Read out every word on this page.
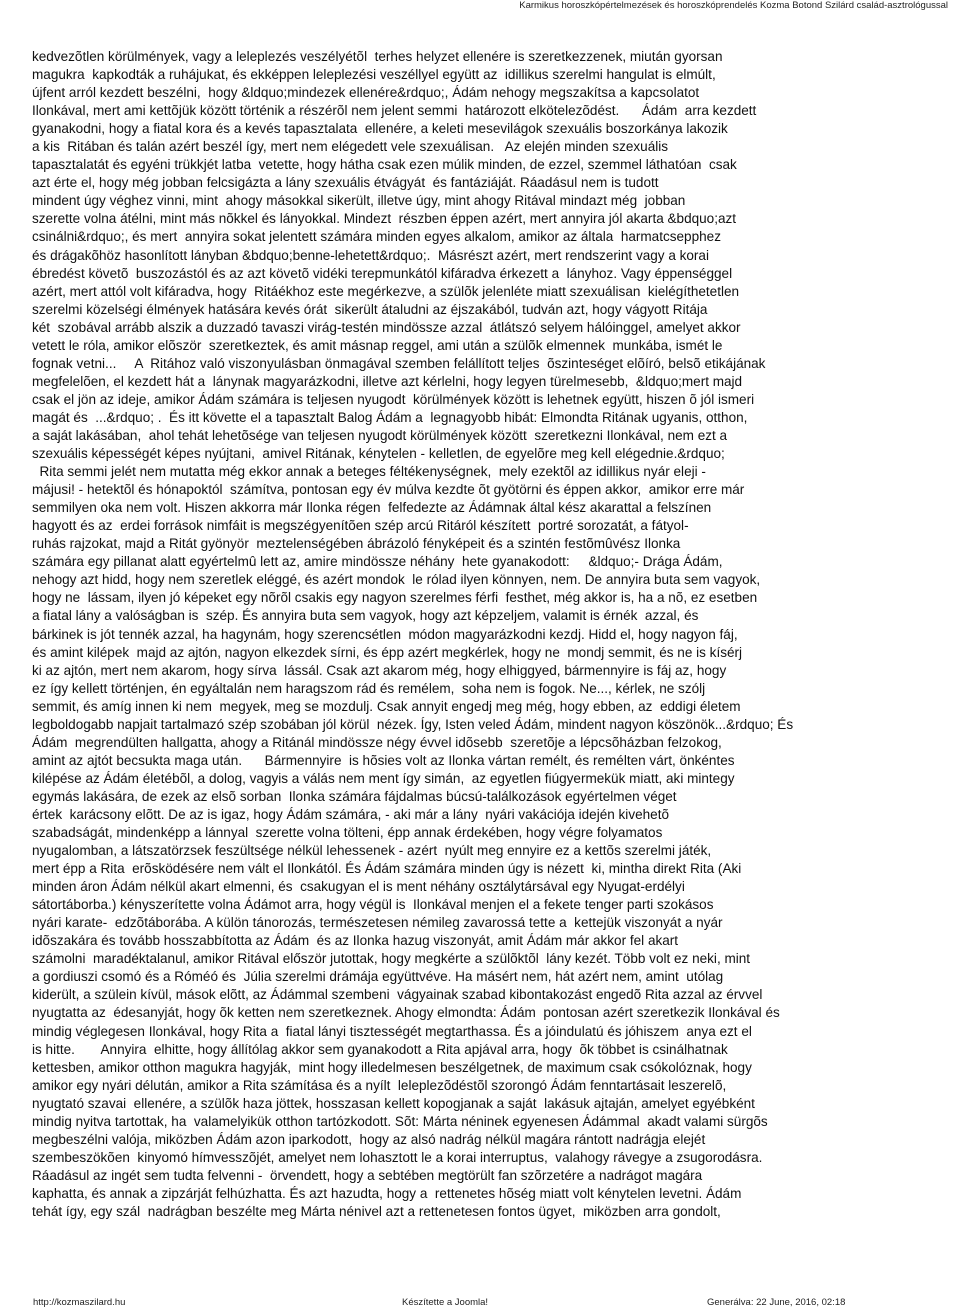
Karmikus horoszkópértelmezések és horoszkóprendelés Kozma Botond Szilárd család-asztrológussal
kedvezõtlen körülmények, vagy a leleplezés veszélyétõl  terhes helyzet ellenére is szeretkezzenek, miután gyorsan
magukra  kapkodták a ruhájukat, és ekképpen leleplezési veszéllyel együtt az  idillikus szerelmi hangulat is elmúlt,
újfent arról kezdett beszélni,  hogy &ldquo;mindezek ellenére&rdquo;, Ádám nehogy megszakítsa a kapcsolatot
Ilonkával, mert ami kettõjük között történik a részérõl nem jelent semmi  határozott elkötelezõdést.      Ádám  arra kezdett
gyanakodni, hogy a fiatal kora és a kevés tapasztalata  ellenére, a keleti mesevilágok szexuális boszorkánya lakozik
a kis  Ritában és talán azért beszél így, mert nem elégedett vele szexuálisan.   Az elején minden szexuális
tapasztalatát és egyéni trükkjét latba  vetette, hogy hátha csak ezen múlik minden, de ezzel, szemmel láthatóan  csak
azt érte el, hogy még jobban felcsigázta a lány szexuális étvágyát  és fantáziáját. Ráadásul nem is tudott
mindent úgy véghez vinni, mint  ahogy másokkal sikerült, illetve úgy, mint ahogy Ritával mindazt még  jobban
szerette volna átélni, mint más nõkkel és lányokkal. Mindezt  részben éppen azért, mert annyira jól akarta &bdquo;azt
csinálni&rdquo;, és mert  annyira sokat jelentett számára minden egyes alkalom, amikor az általa  harmatcsepphez
és drágakõhöz hasonlított lányban &bdquo;benne-lehetett&rdquo;.  Másrészt azért, mert rendszerint vagy a korai
ébredést követõ  buszozástól és az azt követõ vidéki terepmunkától kifáradva érkezett a  lányhoz. Vagy éppenséggel
azért, mert attól volt kifáradva, hogy  Ritáékhoz este megérkezve, a szülõk jelenléte miatt szexuálisan  kielégíthetetlen
szerelmi közelségi élmények hatására kevés órát  sikerült átaludni az éjszakából, tudván azt, hogy vágyott Ritája
két  szobával arrább alszik a duzzadó tavaszi virág-testén mindössze azzal  átlátszó selyem hálóinggel, amelyet akkor
vetett le róla, amikor elõször  szeretkeztek, és amit másnap reggel, ami után a szülõk elmennek  munkába, ismét le
fognak vetni...     A  Ritához való viszonyulásban önmagával szemben felállított teljes  õszinteséget elõíró, belsõ etikájának
megfelelõen, el kezdett hát a  lánynak magyarázkodni, illetve azt kérlelni, hogy legyen türelmesebb,  &ldquo;mert majd
csak el jön az ideje, amikor Ádám számára is teljesen nyugodt  körülmények között is lehetnek együtt, hiszen õ jól ismeri
magát és  ...&rdquo; .  És itt követte el a tapasztalt Balog Ádám a  legnagyobb hibát: Elmondta Ritának ugyanis, otthon,
a saját lakásában,  ahol tehát lehetõsége van teljesen nyugodt körülmények között  szeretkezni Ilonkával, nem ezt a
szexuális képességét képes nyújtani,  amivel Ritának, kénytelen - kelletlen, de egyelõre meg kell elégednie.&rdquo;
Rita semmi jelét nem mutatta még ekkor annak a beteges féltékenységnek,  mely ezektõl az idillikus nyár eleji -
májusi! - hetektõl és hónapoktól  számítva, pontosan egy év múlva kezdte õt gyötörni és éppen akkor,  amikor erre már
semmilyen oka nem volt. Hiszen akkorra már Ilonka régen  felfedezte az Ádámnak által kész akarattal a felszínen
hagyott és az  erdei források nimfáit is megszégyenítõen szép arcú Ritáról készített  portré sorozatát, a fátyol-
ruhás rajzokat, majd a Ritát gyönyör  meztelenségében ábrázoló fényképeit és a szintén festõmûvész Ilonka
számára egy pillanat alatt egyértelmû lett az, amire mindössze néhány  hete gyanakodott:     &ldquo;- Drága Ádám,
nehogy azt hidd, hogy nem szeretlek eléggé, és azért mondok  le rólad ilyen könnyen, nem. De annyira buta sem vagyok,
hogy ne  lássam, ilyen jó képeket egy nõrõl csakis egy nagyon szerelmes férfi  festhet, még akkor is, ha a nõ, ez esetben
a fiatal lány a valóságban is  szép. És annyira buta sem vagyok, hogy azt képzeljem, valamit is érnék  azzal, és
bárkinek is jót tennék azzal, ha hagynám, hogy szerencsétlen  módon magyarázkodni kezdj. Hidd el, hogy nagyon fáj,
és amint kilépek  majd az ajtón, nagyon elkezdek sírni, és épp azért megkérlek, hogy ne  mondj semmit, és ne is kísérj
ki az ajtón, mert nem akarom, hogy sírva  lássál. Csak azt akarom még, hogy elhiggyed, bármennyire is fáj az, hogy
ez így kellett történjen, én egyáltalán nem haragszom rád és remélem,  soha nem is fogok. Ne..., kérlek, ne szólj
semmit, és amíg innen ki nem  megyek, meg se mozdulj. Csak annyit engedj meg még, hogy ebben, az  eddigi életem
legboldogabb napjait tartalmazó szép szobában jól körül  nézek. Így, Isten veled Ádám, mindent nagyon köszönök...&rdquo; És
Ádám  megrendülten hallgatta, ahogy a Ritánál mindössze négy évvel idõsebb  szeretõje a lépcsõházban felzokog,
amint az ajtót becsukta maga után.      Bármennyire  is hõsies volt az Ilonka vártan remélt, és remélten várt, önkéntes
kilépése az Ádám életébõl, a dolog, vagyis a válás nem ment így simán,  az egyetlen fiúgyermekük miatt, aki mintegy
egymás lakására, de ezek az elsõ sorban  Ilonka számára fájdalmas búcsú-találkozások egyértelmen véget
értek  karácsony elõtt. De az is igaz, hogy Ádám számára, - aki már a lány  nyári vakációja idején kivehetõ
szabadságát, mindenképp a lánnyal  szerette volna tölteni, épp annak érdekében, hogy végre folyamatos
nyugalomban, a látszatörzsek feszültsége nélkül lehessenek - azért  nyúlt meg ennyire ez a kettõs szerelmi játék,
mert épp a Rita  erõsködésére nem vált el Ilonkától. És Ádám számára minden úgy is nézett  ki, mintha direkt Rita (Aki
minden áron Ádám nélkül akart elmenni, és  csakugyan el is ment néhány osztálytársával egy Nyugat-erdélyi
sátortáborba.) kényszerítette volna Ádámot arra, hogy végül is  Ilonkával menjen el a fekete tenger parti szokásos
nyári karate-  edzõtáborába. A külön tánorozás, természetesen némileg zavarossá tette a  kettejük viszonyát a nyár
idõszakára és tovább hosszabbította az Ádám  és az Ilonka hazug viszonyát, amit Ádám már akkor fel akart
számolni  maradéktalanul, amikor Ritával először jutottak, hogy megkérte a szülõktõl  lány kezét. Több volt ez neki, mint
a gordiuszi csomó és a Róméó és  Júlia szerelmi drámája együttvéve. Ha másért nem, hát azért nem, amint  utólag
kiderült, a szülein kívül, mások elõtt, az Ádámmal szembeni  vágyainak szabad kibontakozást engedõ Rita azzal az érvvel
nyugtatta az  édesanyját, hogy õk ketten nem szeretkeznek. Ahogy elmondta: Ádám  pontosan azért szeretkezik Ilonkával és
mindig véglegesen Ilonkával, hogy Rita a  fiatal lányi tisztességét megtarthassa. És a jóindulatú és jóhiszem  anya ezt el
is hitte.       Annyira  elhitte, hogy állítólag akkor sem gyanakodott a Rita apjával arra, hogy  õk többet is csinálhatnak
kettesben, amikor otthon magukra hagyják,  mint hogy illedelmesen beszélgetnek, de maximum csak csókolóznak, hogy
amikor egy nyári délután, amikor a Rita számítása és a nyílt  leleplezõdéstõl szorongó Ádám fenntartásait leszerelõ,
nyugtató szavai  ellenére, a szülõk haza jöttek, hosszasan kellett kopogjanak a saját  lakásuk ajtaján, amelyet egyébként
mindig nyitva tartottak, ha  valamelyikük otthon tartózkodott. Sõt: Márta néninek egyenesen Ádámmal  akadt valami sürgõs
megbeszélni valója, miközben Ádám azon iparkodott,  hogy az alsó nadrág nélkül magára rántott nadrágja elejét
szembeszökõen  kinyomó hímvesszõjét, amelyet nem lohasztott le a korai interruptus,  valahogy rávegye a zsugorodásra.
Ráadásul az ingét sem tudta felvenni -  örvendett, hogy a sebtében megtörült fan szõrzetére a nadrágot magára
kaphatta, és annak a zipzárját felhúzhatta. És azt hazudta, hogy a  rettenetes hõség miatt volt kénytelen levetni. Ádám
tehát így, egy szál  nadrágban beszélte meg Márta nénivel azt a rettenetesen fontos ügyet,  miközben arra gondolt,
http://kozmaszilard.hu	Készítette a Joomla!	Generálva: 22 June, 2016, 02:18
